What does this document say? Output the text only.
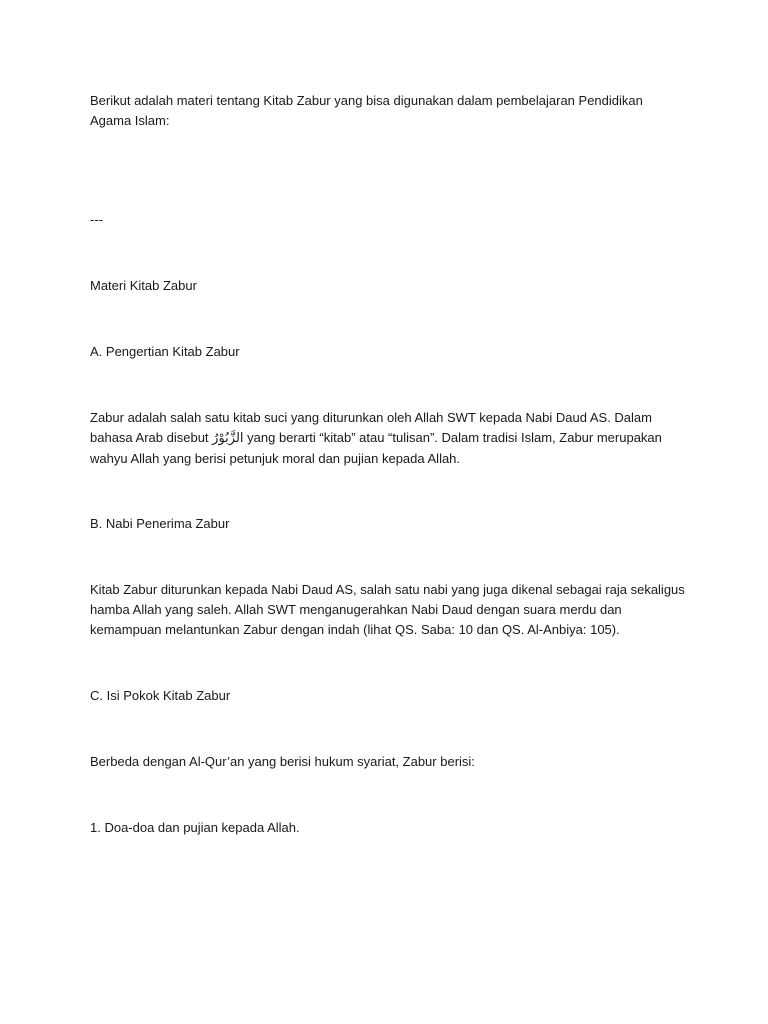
Berikut adalah materi tentang Kitab Zabur yang bisa digunakan dalam pembelajaran Pendidikan Agama Islam:

---

Materi Kitab Zabur

A. Pengertian Kitab Zabur

Zabur adalah salah satu kitab suci yang diturunkan oleh Allah SWT kepada Nabi Daud AS. Dalam bahasa Arab disebut الزَّبُوْرُ yang berarti “kitab” atau “tulisan”. Dalam tradisi Islam, Zabur merupakan wahyu Allah yang berisi petunjuk moral dan pujian kepada Allah.

B. Nabi Penerima Zabur

Kitab Zabur diturunkan kepada Nabi Daud AS, salah satu nabi yang juga dikenal sebagai raja sekaligus hamba Allah yang saleh. Allah SWT menganugerahkan Nabi Daud dengan suara merdu dan kemampuan melantunkan Zabur dengan indah (lihat QS. Saba: 10 dan QS. Al-Anbiya: 105).

C. Isi Pokok Kitab Zabur

Berbeda dengan Al-Qur’an yang berisi hukum syariat, Zabur berisi:

1. Doa-doa dan pujian kepada Allah.
